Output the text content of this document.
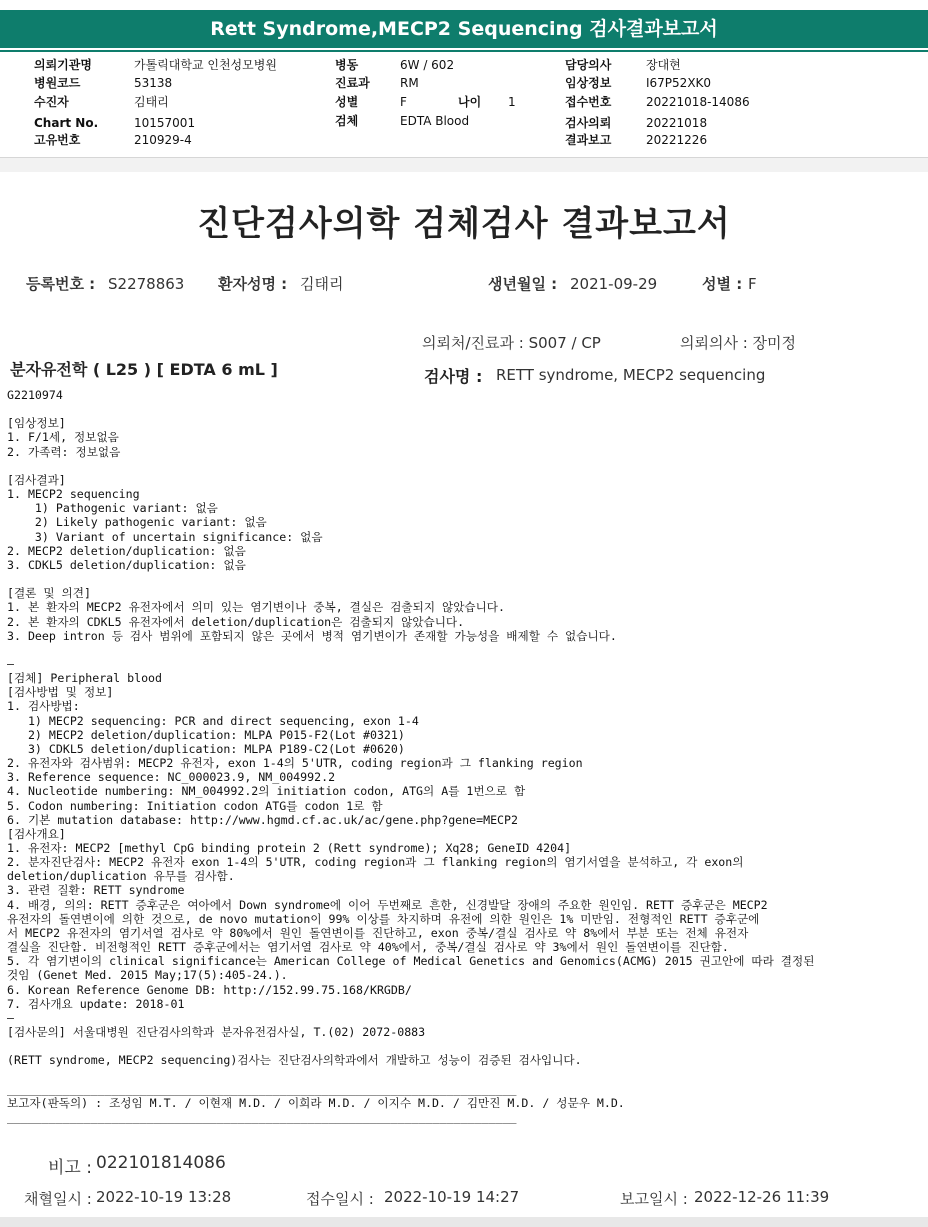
Rett Syndrome,MECP2 Sequencing 검사결과보고서
의뢰기관명	가톨릭대학교 인천성모병원
병원코드	53138
수진자	김태리
Chart No.	10157001
고유번호	210929-4
병동	6W / 602
진료과	RM
성별	F	나이 1
검체	EDTA Blood
담당의사	장대현
임상정보	I67P52XK0
접수번호	20221018-14086
검사의뢰	20221018
결과보고	20221226
진단검사의학 검체검사 결과보고서
등록번호 : S2278863 환자성명 : 김태리	생년월일 : 2021-09-29	성별 : F
의뢰처/진료과 : S007 / CP	의뢰의사 : 장미정
분자유전학 ( L25 ) [ EDTA 6 mL ]	검사명 : RETT syndrome, MECP2 sequencing
G2210974

[임상정보]
1. F/1세, 정보없음
2. 가족력: 정보없음

[검사결과]
1. MECP2 sequencing
1) Pathogenic variant: 없음
2) Likely pathogenic variant: 없음
3) Variant of uncertain significance: 없음
2. MECP2 deletion/duplication: 없음
3. CDKL5 deletion/duplication: 없음

[결론 및 의견]
1. 본 환자의 MECP2 유전자에서 의미 있는 염기변이나 중복, 결실은 검출되지 않았습니다.
2. 본 환자의 CDKL5 유전자에서 deletion/duplication은 검출되지 않았습니다.
3. Deep intron 등 검사 범위에 포함되지 않은 곳에서 병적 염기변이가 존재할 가능성을 배제할 수 없습니다.

—
[검체] Peripheral blood
[검사방법 및 정보]
1. 검사방법:
1) MECP2 sequencing: PCR and direct sequencing, exon 1-4
2) MECP2 deletion/duplication: MLPA P015-F2(Lot #0321)
3) CDKL5 deletion/duplication: MLPA P189-C2(Lot #0620)
2. 유전자와 검사범위: MECP2 유전자, exon 1-4의 5'UTR, coding region과 그 flanking region
3. Reference sequence: NC_000023.9, NM_004992.2
4. Nucleotide numbering: NM_004992.2의 initiation codon, ATG의 A를 1번으로 함
5. Codon numbering: Initiation codon ATG를 codon 1로 함
6. 기본 mutation database: http://www.hgmd.cf.ac.uk/ac/gene.php?gene=MECP2
[검사개요]
1. 유전자: MECP2 [methyl CpG binding protein 2 (Rett syndrome); Xq28; GeneID 4204]
2. 분자진단검사: MECP2 유전자 exon 1-4의 5'UTR, coding region과 그 flanking region의 염기서열을 분석하고, 각 exon의
deletion/duplication 유무를 검사함.
3. 관련 질환: RETT syndrome
4. 배경, 의의: RETT 증후군은 여아에서 Down syndrome에 이어 두번째로 흔한, 신경발달 장애의 주요한 원인임. RETT 증후군은 MECP2
유전자의 돌연변이에 의한 것으로, de novo mutation이 99% 이상를 차지하며 유전에 의한 원인은 1% 미만임. 전형적인 RETT 증후군에
서 MECP2 유전자의 염기서열 검사로 약 80%에서 원인 돌연변이를 진단하고, exon 중복/결실 검사로 약 8%에서 부분 또는 전체 유전자
결실을 진단함. 비전형적인 RETT 증후군에서는 염기서열 검사로 약 40%에서, 중복/결실 검사로 약 3%에서 원인 돌연변이를 진단함.
5. 각 염기변이의 clinical significance는 American College of Medical Genetics and Genomics(ACMG) 2015 권고안에 따라 결정된
것임 (Genet Med. 2015 May;17(5):405-24.).
6. Korean Reference Genome DB: http://152.99.75.168/KRGDB/
7. 검사개요 update: 2018-01
—
[검사문의] 서울대병원 진단검사의학과 분자유전검사실, T.(02) 2072-0883

(RETT syndrome, MECP2 sequencing)검사는 진단검사의학과에서 개발하고 성능이 검증된 검사입니다.

_________________________________________________________________________
보고자(판독의) : 조성임 M.T. / 이현재 M.D. / 이희라 M.D. / 이지수 M.D. / 김만진 M.D. / 성문우 M.D.
_________________________________________________________________________
비고 : 022101814086
채혈일시 : 2022-10-19 13:28	접수일시 : 2022-10-19 14:27	보고일시 : 2022-12-26 11:39
